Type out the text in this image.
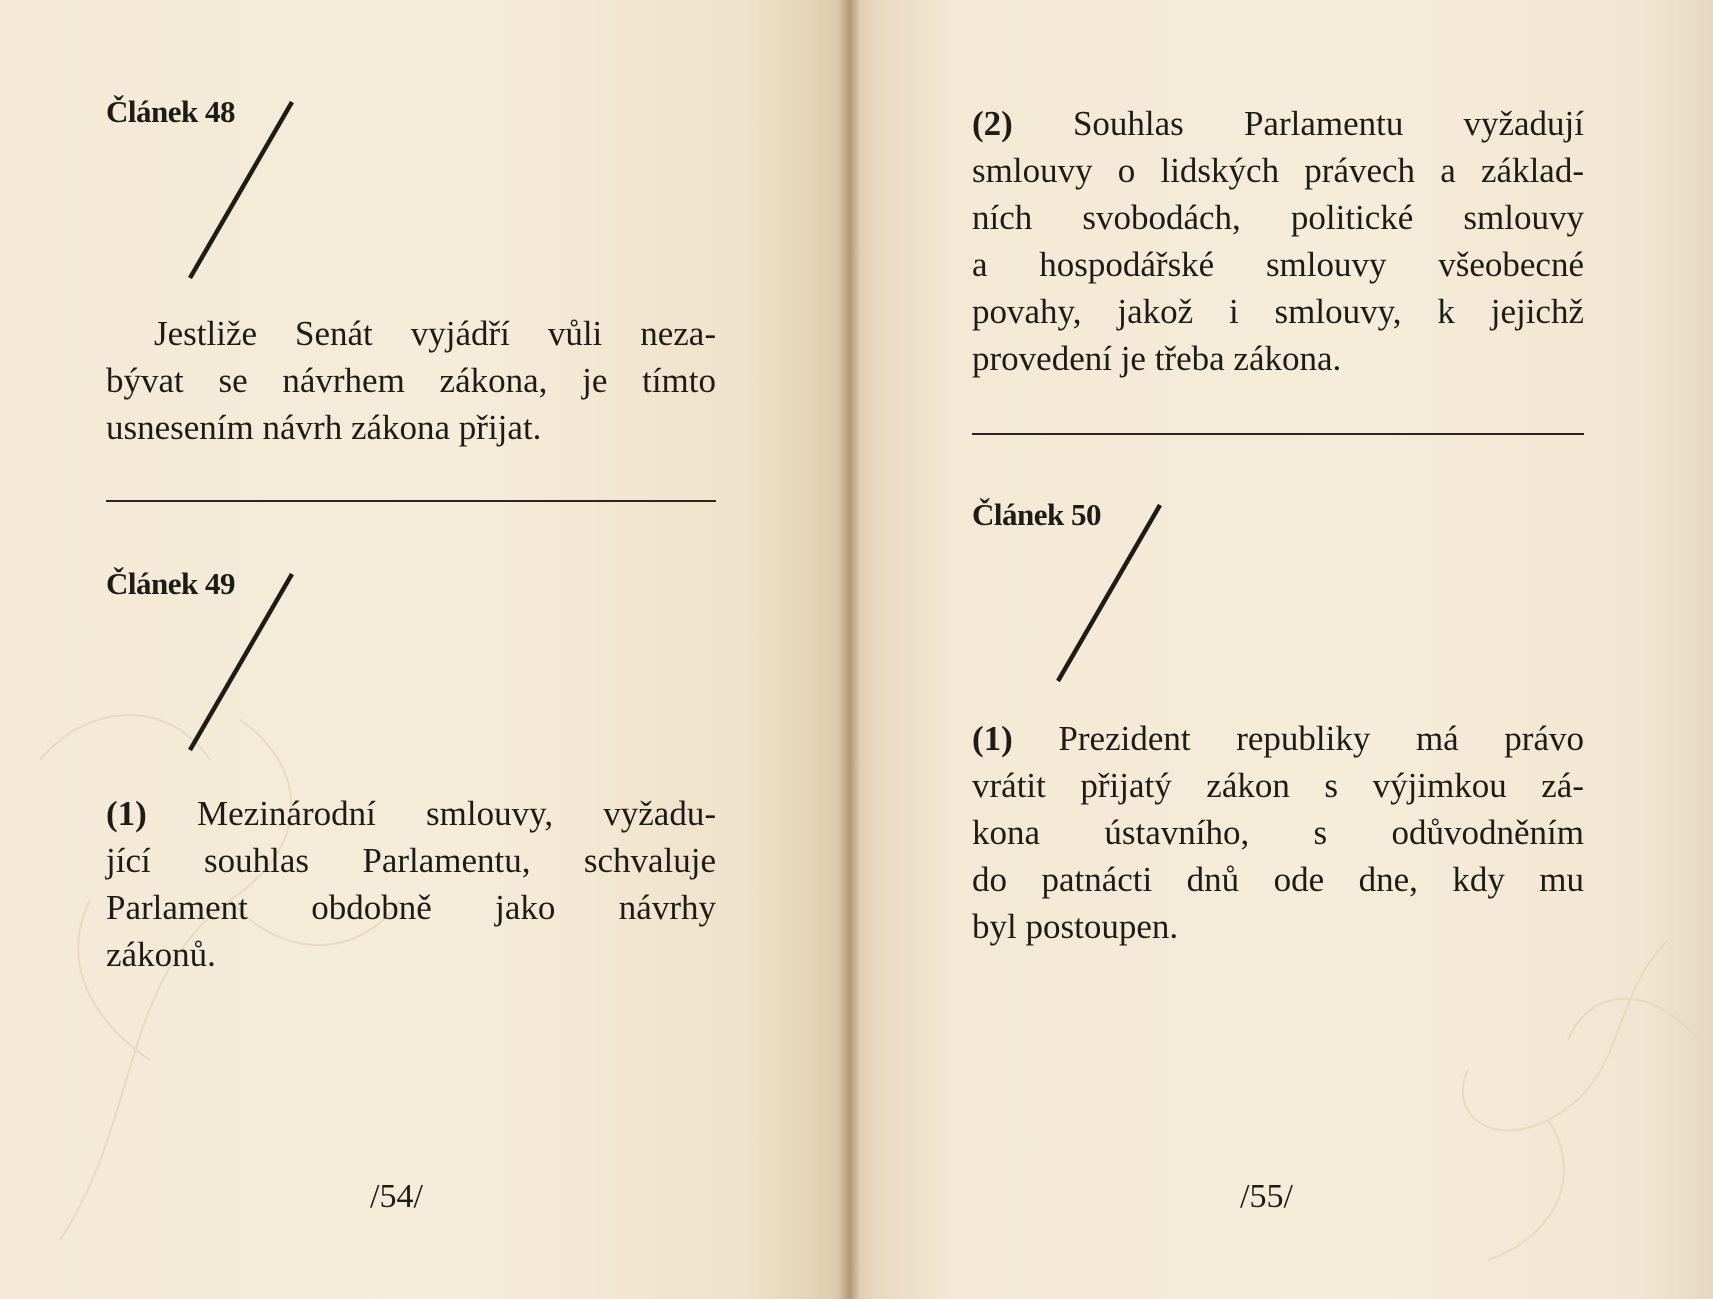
Článek 48
Jestliže Senát vyjádří vůli neza-
bývat se návrhem zákona, je tímto
usnesením návrh zákona přijat.
Článek 49
(1) Mezinárodní smlouvy, vyžadu-
jící souhlas Parlamentu, schvaluje
Parlament obdobně jako návrhy
zákonů.
/54/
(2) Souhlas Parlamentu vyžadují
smlouvy o lidských právech a základ-
ních svobodách, politické smlouvy
a hospodářské smlouvy všeobecné
povahy, jakož i smlouvy, k jejichž
provedení je třeba zákona.
Článek 50
(1) Prezident republiky má právo
vrátit přijatý zákon s výjimkou zá-
kona ústavního, s odůvodněním
do patnácti dnů ode dne, kdy mu
byl postoupen.
/55/
